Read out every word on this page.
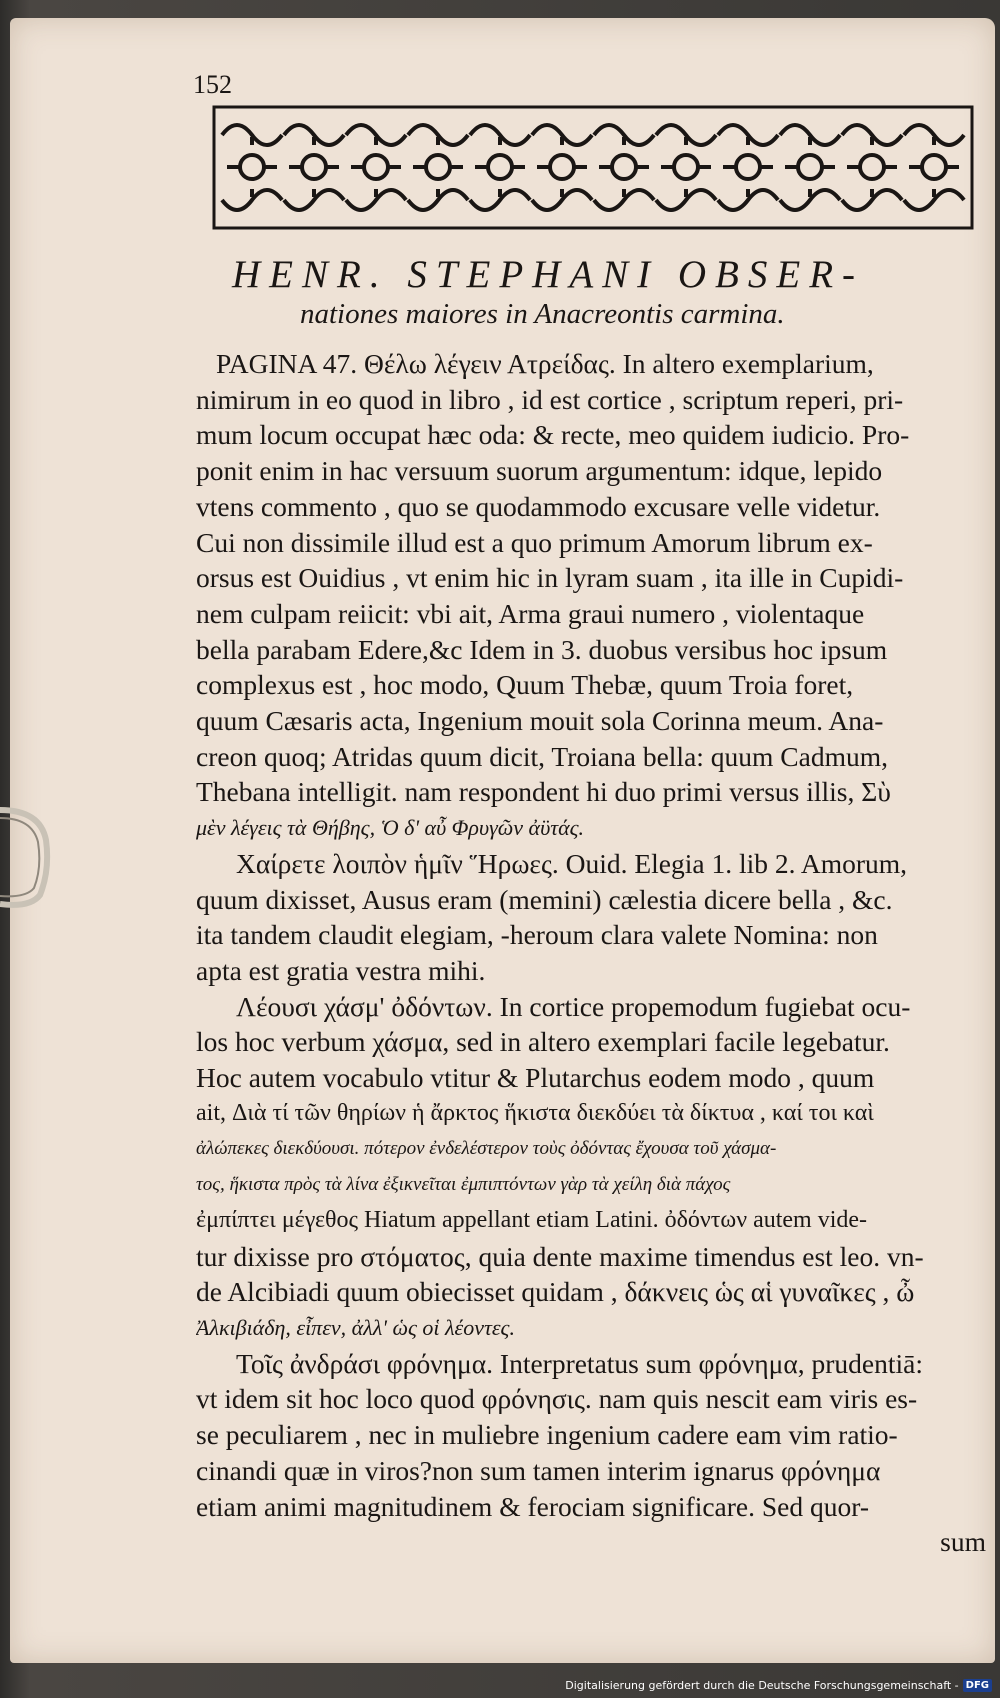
152
HENR. STEPHANI OBSER-
nationes maiores in Anacreontis carmina.
PAGINA 47. Θέλω λέγειν Ατρείδας. In altero exemplarium,
nimirum in eo quod in libro , id est cortice , scriptum reperi, pri-
mum locum occupat hæc oda: & recte, meo quidem iudicio. Pro-
ponit enim in hac versuum suorum argumentum: idque, lepido
vtens commento , quo se quodammodo excusare velle videtur.
Cui non dissimile illud est a quo primum Amorum librum ex-
orsus est Ouidius , vt enim hic in lyram suam , ita ille in Cupidi-
nem culpam reiicit: vbi ait, Arma graui numero , violentaque
bella parabam Edere,&c Idem in 3. duobus versibus hoc ipsum
complexus est , hoc modo, Quum Thebæ, quum Troia foret,
quum Cæsaris acta, Ingenium mouit sola Corinna meum. Ana-
creon quoq; Atridas quum dicit, Troiana bella: quum Cadmum,
Thebana intelligit. nam respondent hi duo primi versus illis, Σὺ
μὲν λέγεις τὰ Θήβης, Ὁ δ' αὖ Φρυγῶν ἀϋτάς.
Χαίρετε λοιπὸν ἡμῖν Ἥρωες. Ouid. Elegia 1. lib 2. Amorum,
quum dixisset, Ausus eram (memini) cælestia dicere bella , &c.
ita tandem claudit elegiam, -heroum clara valete Nomina: non
apta est gratia vestra mihi.
Λέουσι χάσμ' ὀδόντων. In cortice propemodum fugiebat ocu-
los hoc verbum χάσμα, sed in altero exemplari facile legebatur.
Hoc autem vocabulo vtitur & Plutarchus eodem modo , quum
ait, Διὰ τί τῶν θηρίων ἡ ἄρκτος ἥκιστα διεκδύει τὰ δίκτυα , καί τοι καὶ
ἀλώπεκες διεκδύουσι. πότερον ἐνδελέστερον τοὺς ὀδόντας ἔχουσα τοῦ χάσμα-
τος, ἥκιστα πρὸς τὰ λίνα ἐξικνεῖται ἐμπιπτόντων γὰρ τὰ χείλη διὰ πάχος
ἐμπίπτει μέγεθος Hiatum appellant etiam Latini. ὀδόντων autem vide-
tur dixisse pro στόματος, quia dente maxime timendus est leo. vn-
de Alcibiadi quum obiecisset quidam , δάκνεις ὡς αἱ γυναῖκες , ὦ
Ἀλκιβιάδη, εἶπεν, ἀλλ' ὡς οἱ λέοντες.
Τοῖς ἀνδράσι φρόνημα. Interpretatus sum φρόνημα, prudentiā:
vt idem sit hoc loco quod φρόνησις. nam quis nescit eam viris es-
se peculiarem , nec in muliebre ingenium cadere eam vim ratio-
cinandi quæ in viros?non sum tamen interim ignarus φρόνημα
etiam animi magnitudinem & ferociam significare. Sed quor-
sum
Digitalisierung gefördert durch die Deutsche Forschungsgemeinschaft - DFG
